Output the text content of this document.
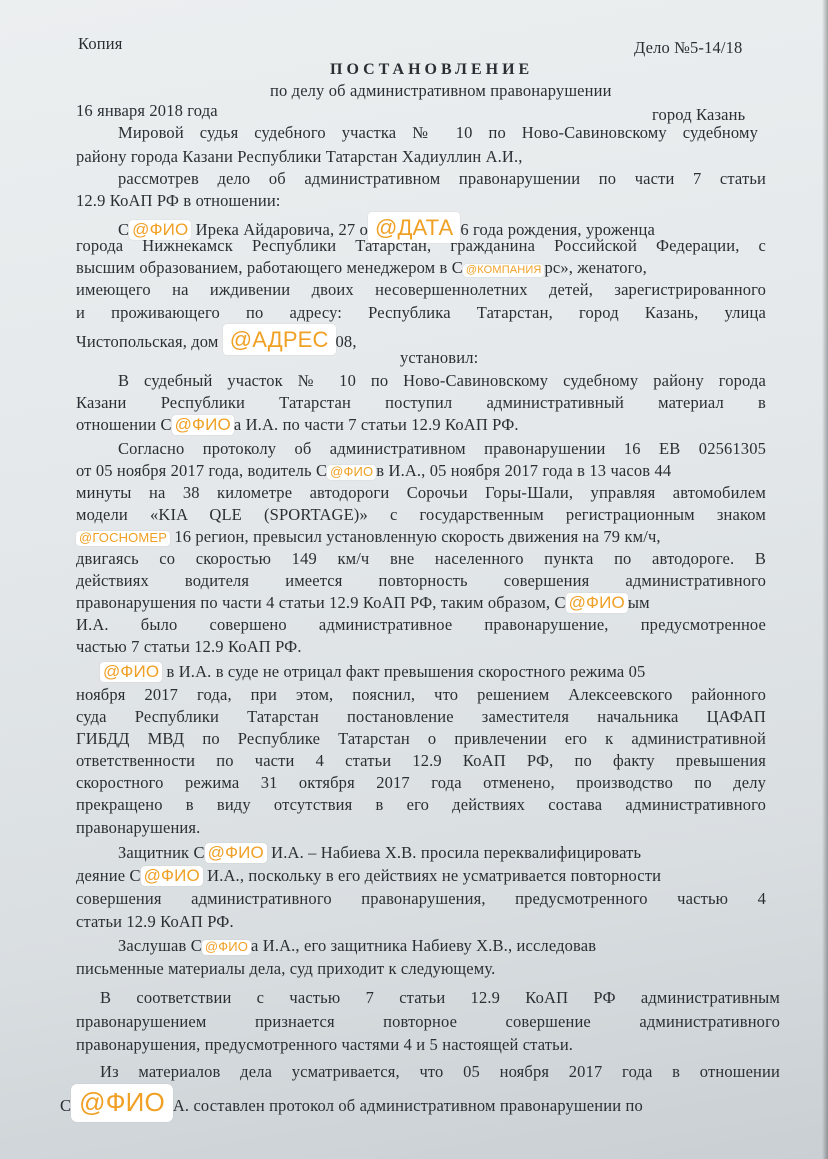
Копия	Дело №5-14/18
ПОСТАНОВЛЕНИЕ
по делу об административном правонарушении
16 января 2018 года	город Казань
Мировой судья судебного участка № 10 по Ново-Савиновскому судебному
району города Казани Республики Татарстан Хадиуллин А.И.,
рассмотрев дело об административном правонарушении по части 7 статьи
12.9 КоАП РФ в отношении:
С @ФИО Ирека Айдаровича, 27 о @ДАТА 6 года рождения, уроженца
города Нижнекамск Республики Татарстан, гражданина Российской Федерации, с
высшим образованием, работающего менеджером в С @КОМПАНИЯ рс», женатого,
имеющего на иждивении двоих несовершеннолетних детей, зарегистрированного
и проживающего по адресу: Республика Татарстан, город Казань, улица
Чистопольская, дом @АДРЕС 08,
установил:
В судебный участок № 10 по Ново-Савиновскому судебному району города
Казани Республики Татарстан поступил административный материал в
отношении С @ФИО а И.А. по части 7 статьи 12.9 КоАП РФ.
Согласно протоколу об административном правонарушении 16 ЕВ 02561305
от 05 ноября 2017 года, водитель С @ФИО в И.А., 05 ноября 2017 года в 13 часов 44
минуты на 38 километре автодороги Сорочьи Горы-Шали, управляя автомобилем
модели «KIA QLE (SPORTAGE)» с государственным регистрационным знаком
@ГОСНОМЕР 16 регион, превысил установленную скорость движения на 79 км/ч,
двигаясь со скоростью 149 км/ч вне населенного пункта по автодороге. В
действиях водителя имеется повторность совершения административного
правонарушения по части 4 статьи 12.9 КоАП РФ, таким образом, С @ФИО ым
И.А. было совершено административное правонарушение, предусмотренное
частью 7 статьи 12.9 КоАП РФ.
@ФИО в И.А. в суде не отрицал факт превышения скоростного режима 05
ноября 2017 года, при этом, пояснил, что решением Алексеевского районного
суда Республики Татарстан постановление заместителя начальника ЦАФАП
ГИБДД МВД по Республике Татарстан о привлечении его к административной
ответственности по части 4 статьи 12.9 КоАП РФ, по факту превышения
скоростного режима 31 октября 2017 года отменено, производство по делу
прекращено в виду отсутствия в его действиях состава административного
правонарушения.
Защитник С @ФИО И.А. – Набиева Х.В. просила переквалифицировать
деяние С @ФИО И.А., поскольку в его действиях не усматривается повторности
совершения административного правонарушения, предусмотренного частью 4
статьи 12.9 КоАП РФ.
Заслушав С @ФИО а И.А., его защитника Набиеву Х.В., исследовав
письменные материалы дела, суд приходит к следующему.
В соответствии с частью 7 статьи 12.9 КоАП РФ административным
правонарушением признается повторное совершение административного
правонарушения, предусмотренного частями 4 и 5 настоящей статьи.
Из материалов дела усматривается, что 05 ноября 2017 года в отношении
С @ФИО А. составлен протокол об административном правонарушении по
